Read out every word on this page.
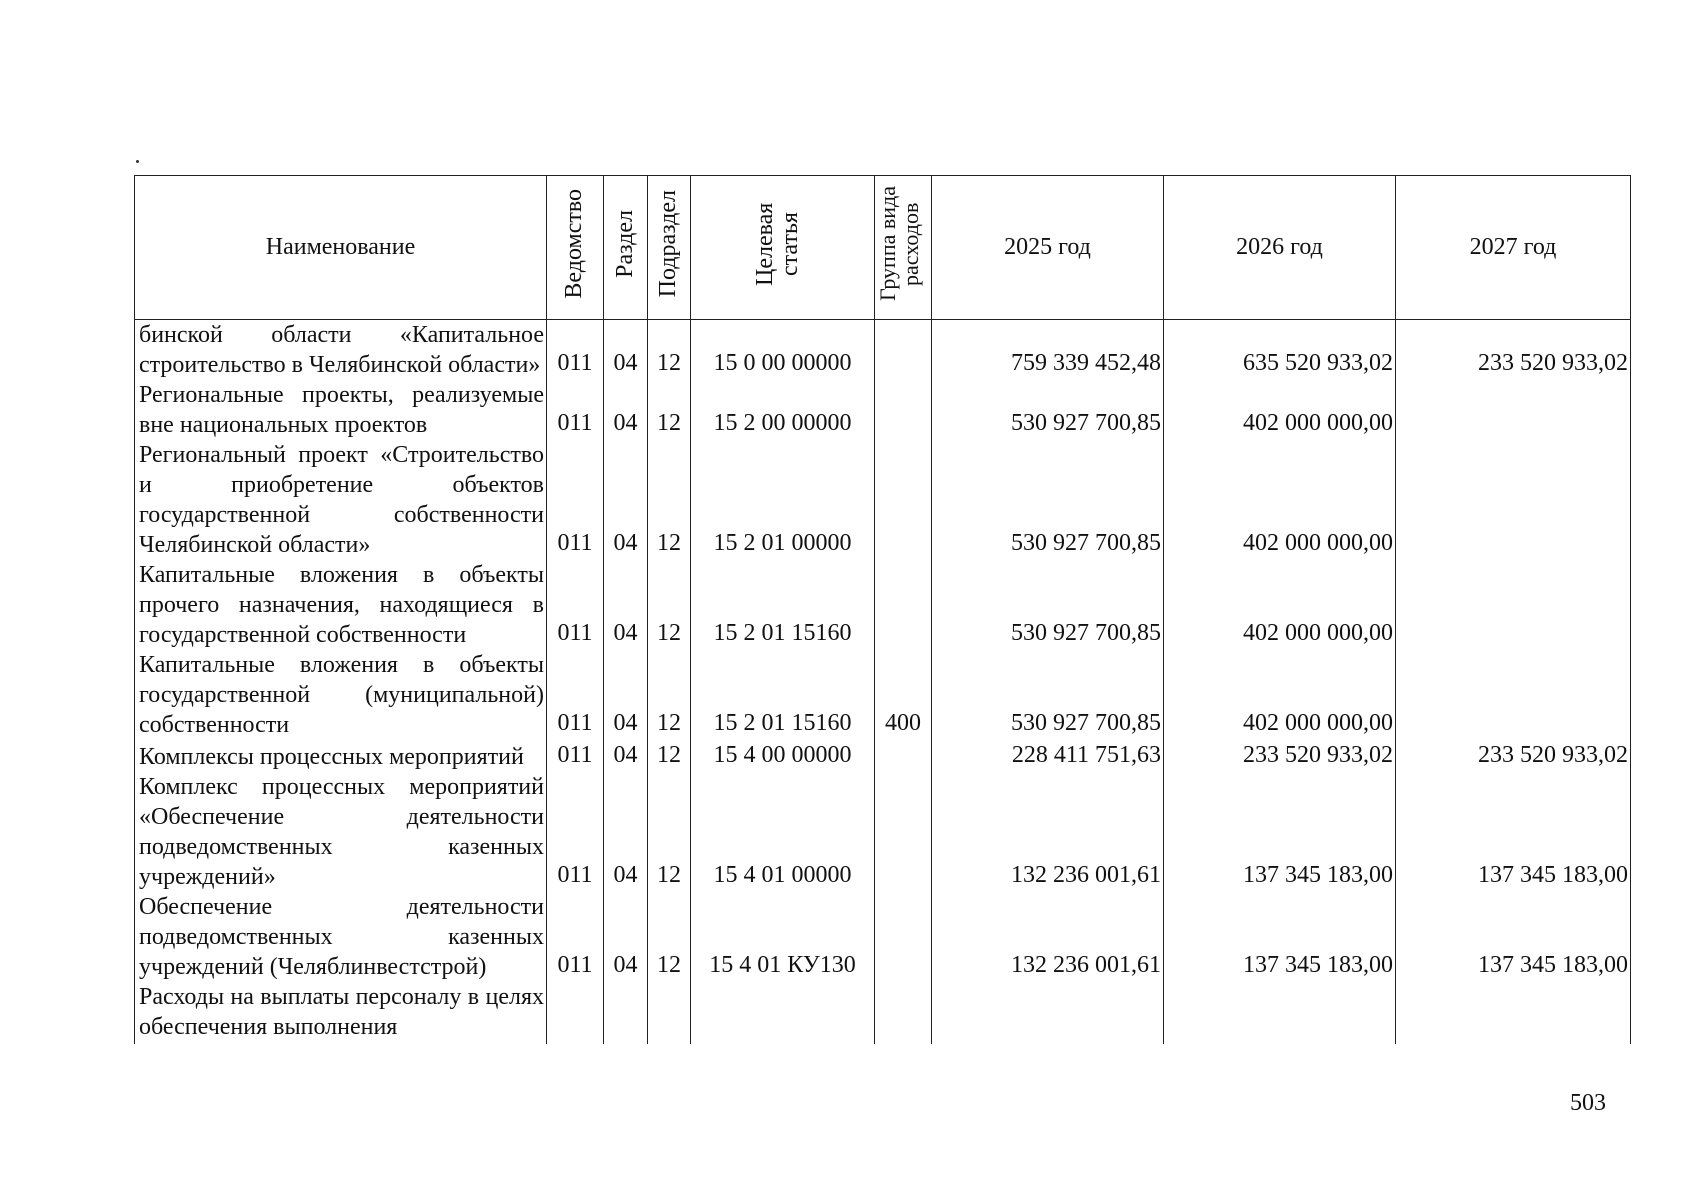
Наименование	Ведомство	Раздел	Подраздел	Целевая статья	Группа вида расходов	2025 год	2026 год	2027 год
бинской области «Капитальное строительство в Челябинской области»	011	04	12	15 0 00 00000		759 339 452,48	635 520 933,02	233 520 933,02
Региональные проекты, реализуемые вне национальных проектов	011	04	12	15 2 00 00000		530 927 700,85	402 000 000,00	
Региональный проект «Строительство и приобретение объектов государственной собственности Челябинской области»	011	04	12	15 2 01 00000		530 927 700,85	402 000 000,00	
Капитальные вложения в объекты прочего назначения, находящиеся в государственной собственности	011	04	12	15 2 01 15160		530 927 700,85	402 000 000,00	
Капитальные вложения в объекты государственной (муниципальной) собственности	011	04	12	15 2 01 15160	400	530 927 700,85	402 000 000,00	
Комплексы процессных мероприятий	011	04	12	15 4 00 00000		228 411 751,63	233 520 933,02	233 520 933,02
Комплекс процессных мероприятий «Обеспечение деятельности подведомственных казенных учреждений»	011	04	12	15 4 01 00000		132 236 001,61	137 345 183,00	137 345 183,00
Обеспечение деятельности подведомственных казенных учреждений (Челяблинвестстрой)	011	04	12	15 4 01 КУ130		132 236 001,61	137 345 183,00	137 345 183,00
Расходы на выплаты персоналу в целях обеспечения выполнения								
503
